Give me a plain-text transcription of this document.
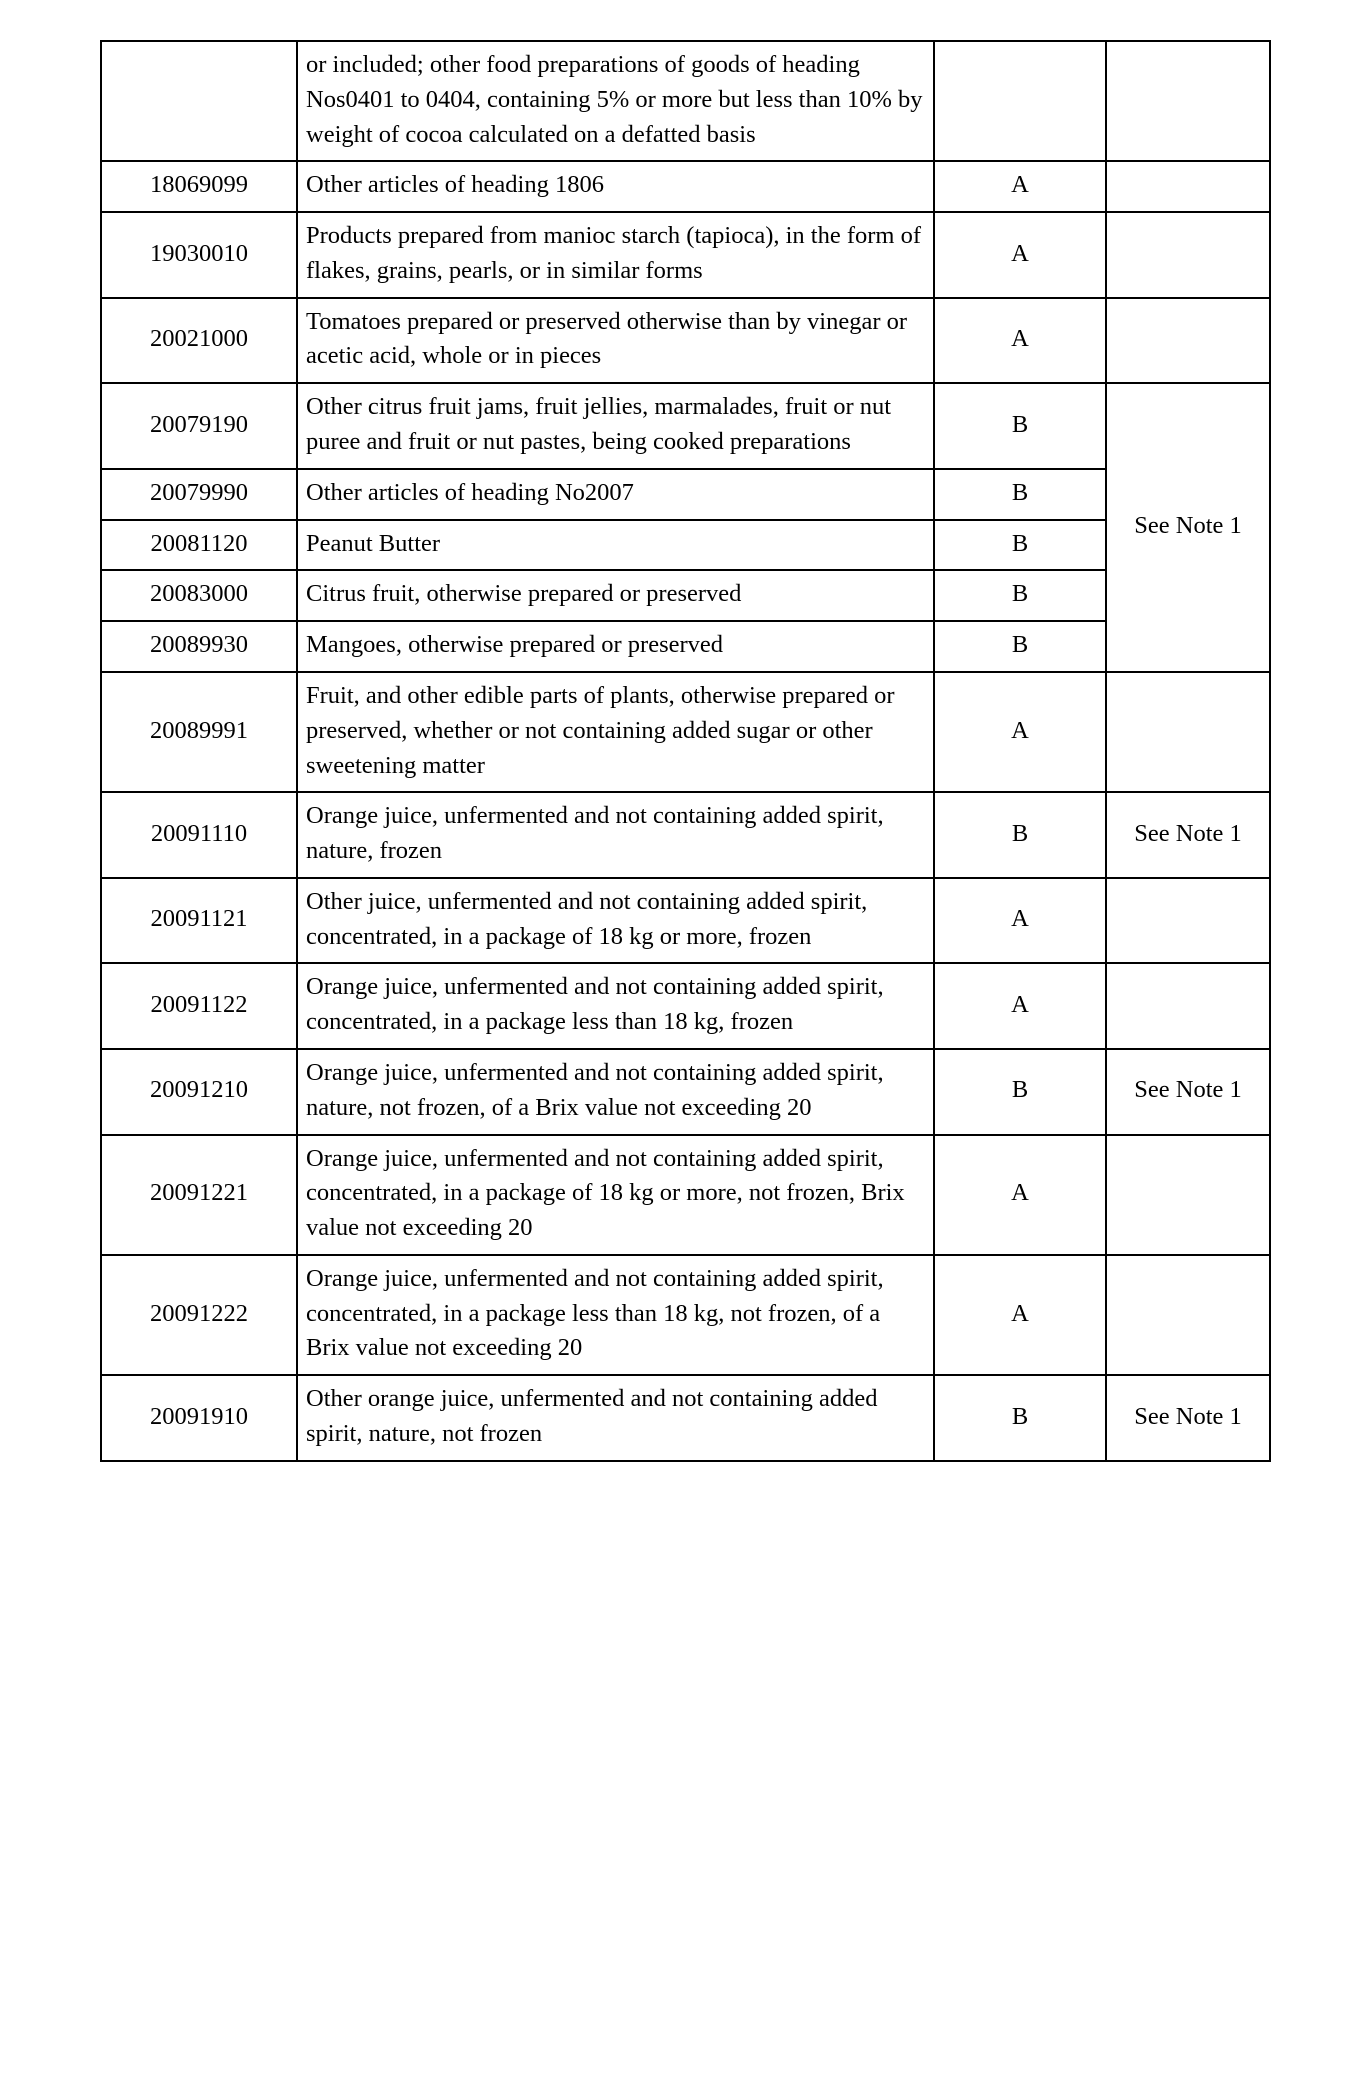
	or included; other food preparations of goods of heading Nos0401 to 0404, containing 5% or more but less than 10% by weight of cocoa calculated on a defatted basis		
18069099	Other articles of heading 1806	A	
19030010	Products prepared from manioc starch (tapioca), in the form of flakes, grains, pearls, or in similar forms	A	
20021000	Tomatoes prepared or preserved otherwise than by vinegar or acetic acid, whole or in pieces	A	
20079190	Other citrus fruit jams, fruit jellies, marmalades, fruit or nut puree and fruit or nut pastes, being cooked preparations	B	See Note 1
20079990	Other articles of heading No2007	B	
20081120	Peanut Butter	B	
20083000	Citrus fruit, otherwise prepared or preserved	B	
20089930	Mangoes, otherwise prepared or preserved	B	
20089991	Fruit, and other edible parts of plants, otherwise prepared or preserved, whether or not containing added sugar or other sweetening matter	A	
20091110	Orange juice, unfermented and not containing added spirit, nature, frozen	B	See Note 1
20091121	Other juice, unfermented and not containing added spirit, concentrated, in a package of 18 kg or more, frozen	A	
20091122	Orange juice, unfermented and not containing added spirit, concentrated, in a package less than 18 kg, frozen	A	
20091210	Orange juice, unfermented and not containing added spirit, nature, not frozen, of a Brix value not exceeding 20	B	See Note 1
20091221	Orange juice, unfermented and not containing added spirit, concentrated, in a package of 18 kg or more, not frozen, Brix value not exceeding 20	A	
20091222	Orange juice, unfermented and not containing added spirit, concentrated, in a package less than 18 kg, not frozen, of a Brix value not exceeding 20	A	
20091910	Other orange juice, unfermented and not containing added spirit, nature, not frozen	B	See Note 1
